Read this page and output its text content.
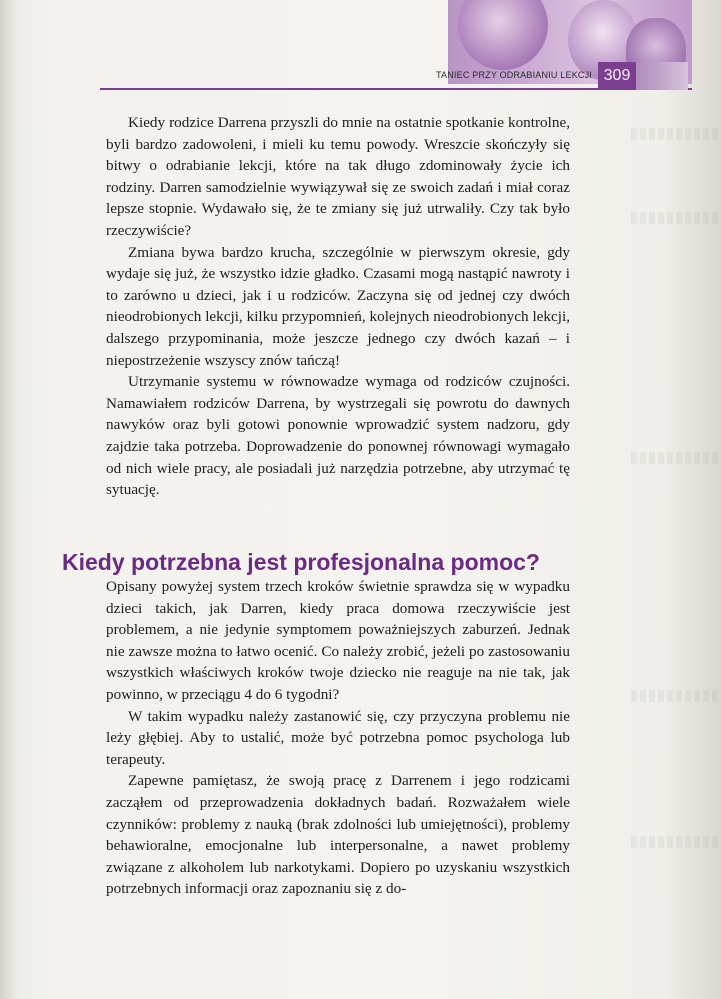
TANIEC PRZY ODRABIANIU LEKCJI 309

Kiedy rodzice Darrena przyszli do mnie na ostatnie spotkanie kontrolne, byli bardzo zadowoleni, i mieli ku temu powody. Wreszcie skończyły się bitwy o odrabianie lekcji, które na tak długo zdominowały życie ich rodziny. Darren samodzielnie wywiązywał się ze swoich zadań i miał coraz lepsze stopnie. Wydawało się, że te zmiany się już utrwaliły. Czy tak było rzeczywiście?

Zmiana bywa bardzo krucha, szczególnie w pierwszym okresie, gdy wydaje się już, że wszystko idzie gładko. Czasami mogą nastąpić nawroty i to zarówno u dzieci, jak i u rodziców. Zaczyna się od jednej czy dwóch nieodrobionych lekcji, kilku przypomnień, kolejnych nieodrobionych lekcji, dalszego przypominania, może jeszcze jednego czy dwóch kazań – i niepostrzeżenie wszyscy znów tańczą!

Utrzymanie systemu w równowadze wymaga od rodziców czujności. Namawiałem rodziców Darrena, by wystrzegali się powrotu do dawnych nawyków oraz byli gotowi ponownie wprowadzić system nadzoru, gdy zajdzie taka potrzeba. Doprowadzenie do ponownej równowagi wymagało od nich wiele pracy, ale posiadali już narzędzia potrzebne, aby utrzymać tę sytuację.

Kiedy potrzebna jest profesjonalna pomoc?

Opisany powyżej system trzech kroków świetnie sprawdza się w wypadku dzieci takich, jak Darren, kiedy praca domowa rzeczywiście jest problemem, a nie jedynie symptomem poważniejszych zaburzeń. Jednak nie zawsze można to łatwo ocenić. Co należy zrobić, jeżeli po zastosowaniu wszystkich właściwych kroków twoje dziecko nie reaguje na nie tak, jak powinno, w przeciągu 4 do 6 tygodni?

W takim wypadku należy zastanowić się, czy przyczyna problemu nie leży głębiej. Aby to ustalić, może być potrzebna pomoc psychologa lub terapeuty.

Zapewne pamiętasz, że swoją pracę z Darrenem i jego rodzicami zacząłem od przeprowadzenia dokładnych badań. Rozważałem wiele czynników: problemy z nauką (brak zdolności lub umiejętności), problemy behawioralne, emocjonalne lub interpersonalne, a nawet problemy związane z alkoholem lub narkotykami. Dopiero po uzyskaniu wszystkich potrzebnych informacji oraz zapoznaniu się z do-
